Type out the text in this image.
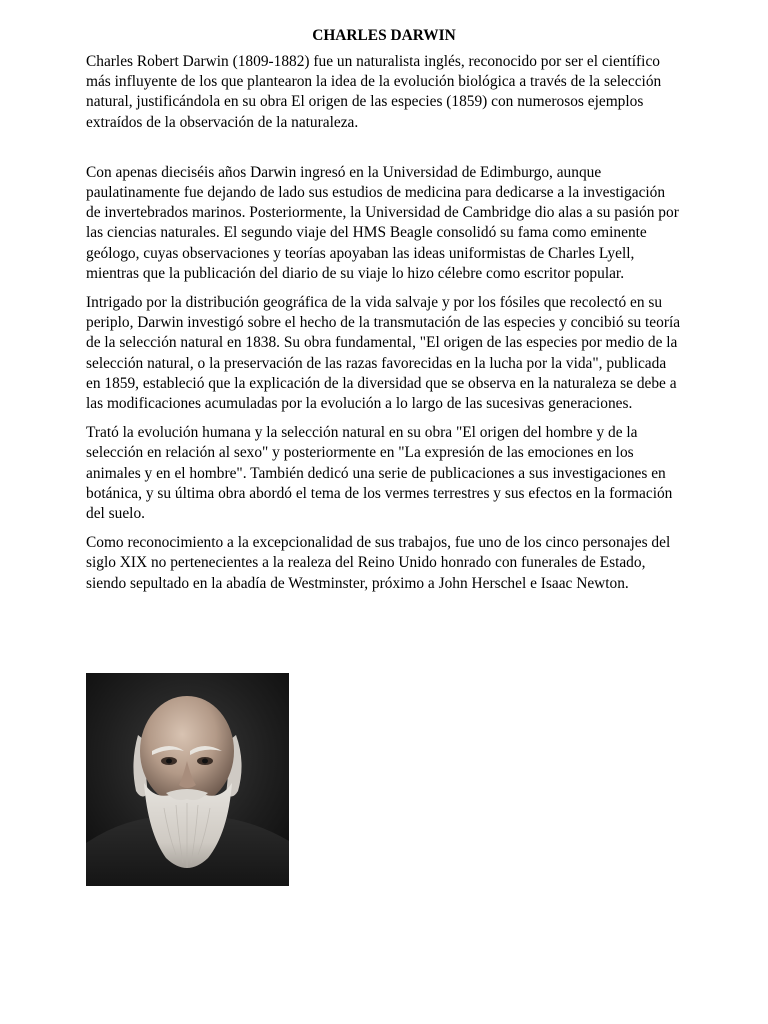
CHARLES DARWIN

Charles Robert Darwin (1809-1882) fue un naturalista inglés, reconocido por ser el científico más influyente de los que plantearon la idea de la evolución biológica a través de la selección natural, justificándola en su obra El origen de las especies (1859) con numerosos ejemplos extraídos de la observación de la naturaleza.

Con apenas dieciséis años Darwin ingresó en la Universidad de Edimburgo, aunque paulatinamente fue dejando de lado sus estudios de medicina para dedicarse a la investigación de invertebrados marinos. Posteriormente, la Universidad de Cambridge dio alas a su pasión por las ciencias naturales. El segundo viaje del HMS Beagle consolidó su fama como eminente geólogo, cuyas observaciones y teorías apoyaban las ideas uniformistas de Charles Lyell, mientras que la publicación del diario de su viaje lo hizo célebre como escritor popular.

Intrigado por la distribución geográfica de la vida salvaje y por los fósiles que recolectó en su periplo, Darwin investigó sobre el hecho de la transmutación de las especies y concibió su teoría de la selección natural en 1838. Su obra fundamental, "El origen de las especies por medio de la selección natural, o la preservación de las razas favorecidas en la lucha por la vida", publicada en 1859, estableció que la explicación de la diversidad que se observa en la naturaleza se debe a las modificaciones acumuladas por la evolución a lo largo de las sucesivas generaciones.

Trató la evolución humana y la selección natural en su obra "El origen del hombre y de la selección en relación al sexo" y posteriormente en "La expresión de las emociones en los animales y en el hombre". También dedicó una serie de publicaciones a sus investigaciones en botánica, y su última obra abordó el tema de los vermes terrestres y sus efectos en la formación del suelo.

Como reconocimiento a la excepcionalidad de sus trabajos, fue uno de los cinco personajes del siglo XIX no pertenecientes a la realeza del Reino Unido honrado con funerales de Estado, siendo sepultado en la abadía de Westminster, próximo a John Herschel e Isaac Newton.
